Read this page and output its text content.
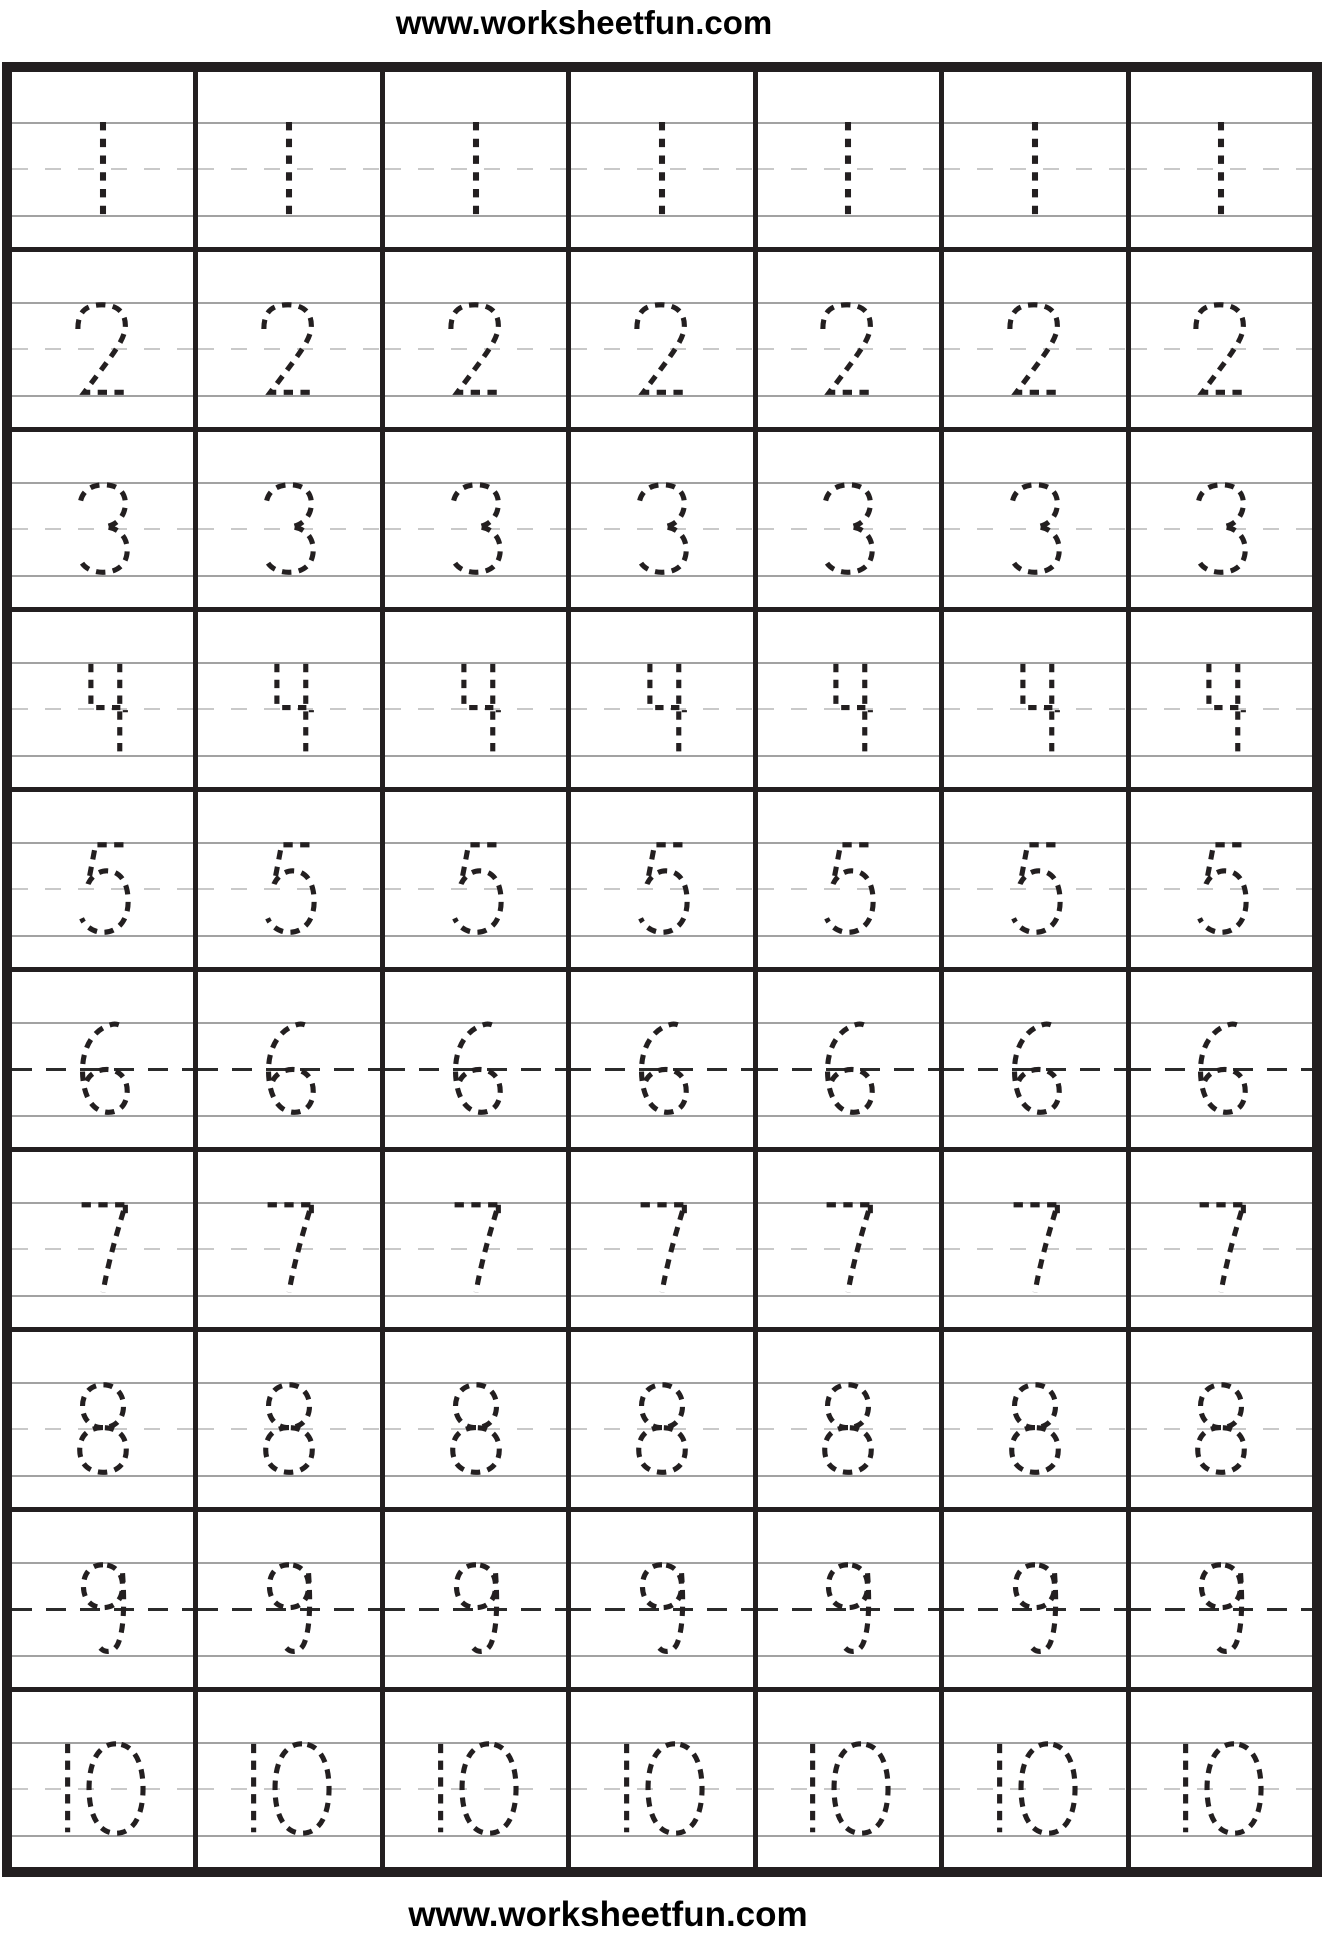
www.worksheetfun.com
www.worksheetfun.com
